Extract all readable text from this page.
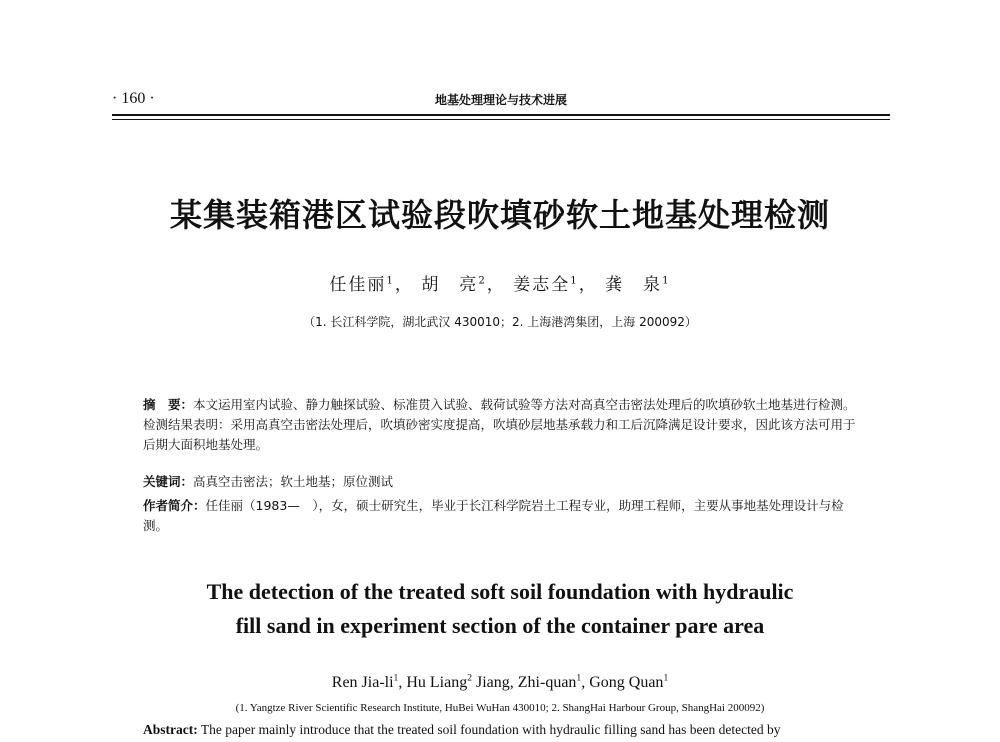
· 160 ·	地基处理理论与技术进展
某集装箱港区试验段吹填砂软土地基处理检测
任佳丽$^1$， 胡　亮$^2$， 姜志全$^1$， 龚　泉$^1$
（1. 长江科学院，湖北武汉 430010；2. 上海港湾集团，上海 200092）
摘　要：本文运用室内试验、静力触探试验、标准贯入试验、载荷试验等方法对高真空击密法处理后的吹填砂软土地基进行检测。检测结果表明：采用高真空击密法处理后，吹填砂密实度提高，吹填砂层地基承载力和工后沉降满足设计要求，因此该方法可用于后期大面积地基处理。
关键词：高真空击密法；软土地基；原位测试
作者简介：任佳丽（1983—　），女，硕士研究生，毕业于长江科学院岩土工程专业，助理工程师，主要从事地基处理设计与检测。
The detection of the treated soft soil foundation with hydraulic
fill sand in experiment section of the container pare area
Ren Jia-$li^1$, Hu Liang$^2$ Jiang, Zhi-quan$^1$, Gong Quan$^1$
(1. Yangtze River Scientific Research Institute, HuBei WuHan 430010; 2. ShangHai Harbour Group, ShangHai 200092)
Abstract: The paper mainly introduce that the treated soil foundation with hydraulic filling sand has been detected by
